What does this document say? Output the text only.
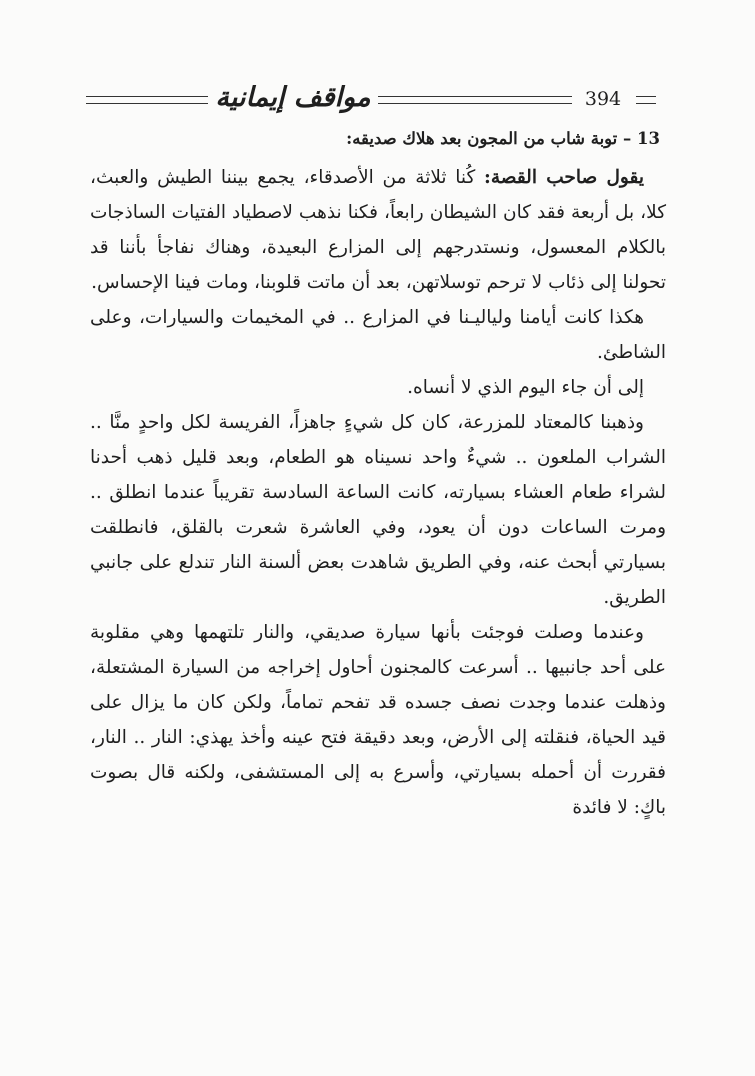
مواقف إيمانية	394
13 – توبة شاب من المجون بعد هلاك صديقه:

يقول صاحب القصة: كُنا ثلاثة من الأصدقاء، يجمع بيننا الطيش والعبث، كلا، بل أربعة فقد كان الشيطان رابعاً، فكنا نذهب لاصطياد الفتيات الساذجات بالكلام المعسول، ونستدرجهم إلى المزارع البعيدة، وهناك نفاجأ بأننا قد تحولنا إلى ذئاب لا ترحم توسلاتهن، بعد أن ماتت قلوبنا، ومات فينا الإحساس.

هكذا كانت أيامنا ولياليـنا في المزارع .. في المخيمات والسيارات، وعلى الشاطئ.

إلى أن جاء اليوم الذي لا أنساه.

وذهبنا كالمعتاد للمزرعة، كان كل شيءٍ جاهزاً، الفريسة لكل واحدٍ منَّا .. الشراب الملعون .. شيءٌ واحد نسيناه هو الطعام، وبعد قليل ذهب أحدنا لشراء طعام العشاء بسيارته، كانت الساعة السادسة تقريباً عندما انطلق .. ومرت الساعات دون أن يعود، وفي العاشرة شعرت بالقلق، فانطلقت بسيارتي أبحث عنه، وفي الطريق شاهدت بعض ألسنة النار تندلع على جانبي الطريق.

وعندما وصلت فوجئت بأنها سيارة صديقي، والنار تلتهمها وهي مقلوبة على أحد جانبيها .. أسرعت كالمجنون أحاول إخراجه من السيارة المشتعلة، وذهلت عندما وجدت نصف جسده قد تفحم تماماً، ولكن كان ما يزال على قيد الحياة، فنقلته إلى الأرض، وبعد دقيقة فتح عينه وأخذ يهذي: النار .. النار، فقررت أن أحمله بسيارتي، وأسرع به إلى المستشفى، ولكنه قال بصوت باكٍ: لا فائدة
